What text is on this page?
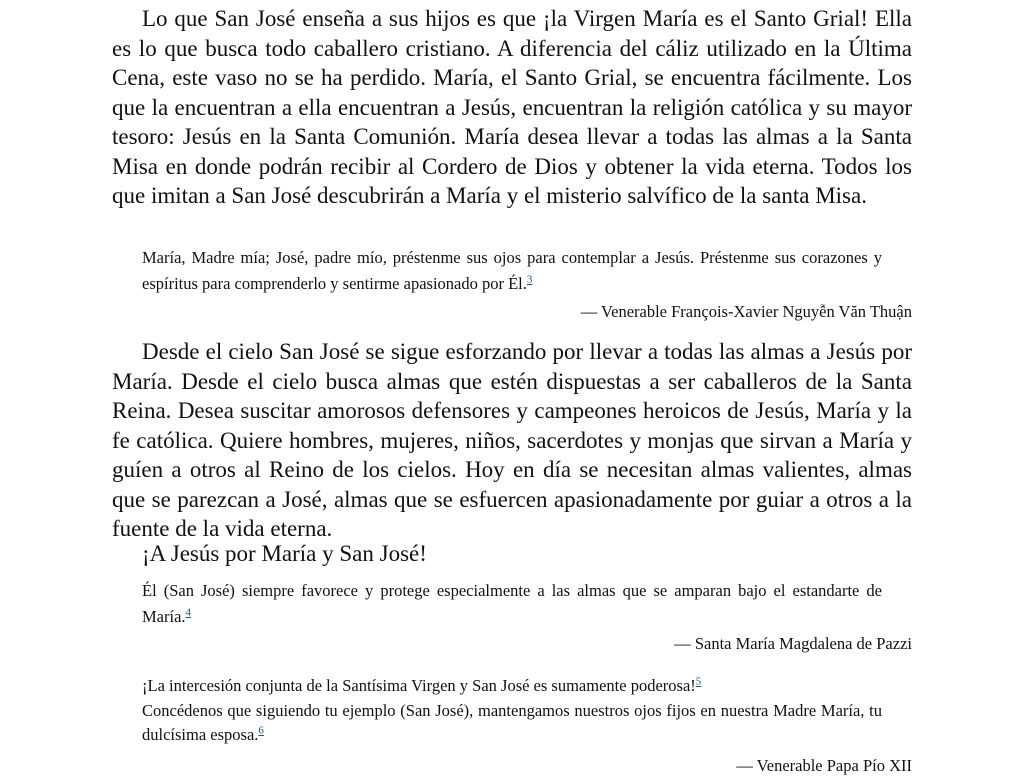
Lo que San José enseña a sus hijos es que ¡la Virgen María es el Santo Grial! Ella es lo que busca todo caballero cristiano. A diferencia del cáliz utilizado en la Última Cena, este vaso no se ha perdido. María, el Santo Grial, se encuentra fácilmente. Los que la encuentran a ella encuentran a Jesús, encuentran la religión católica y su mayor tesoro: Jesús en la Santa Comunión. María desea llevar a todas las almas a la Santa Misa en donde podrán recibir al Cordero de Dios y obtener la vida eterna. Todos los que imitan a San José descubrirán a María y el misterio salvífico de la santa Misa.

María, Madre mía; José, padre mío, préstenme sus ojos para contemplar a Jesús. Préstenme sus corazones y espíritus para comprenderlo y sentirme apasionado por Él.$^3$

— Venerable François-Xavier Nguyễn Văn Thuận

Desde el cielo San José se sigue esforzando por llevar a todas las almas a Jesús por María. Desde el cielo busca almas que estén dispuestas a ser caballeros de la Santa Reina. Desea suscitar amorosos defensores y campeones heroicos de Jesús, María y la fe católica. Quiere hombres, mujeres, niños, sacerdotes y monjas que sirvan a María y guíen a otros al Reino de los cielos. Hoy en día se necesitan almas valientes, almas que se parezcan a José, almas que se esfuercen apasionadamente por guiar a otros a la fuente de la vida eterna.

¡A Jesús por María y San José!

Él (San José) siempre favorece y protege especialmente a las almas que se amparan bajo el estandarte de María.$^4$

— Santa María Magdalena de Pazzi

¡La intercesión conjunta de la Santísima Virgen y San José es sumamente poderosa!$^5$

Concédenos que siguiendo tu ejemplo (San José), mantengamos nuestros ojos fijos en nuestra Madre María, tu dulcísima esposa.$^6$

— Venerable Papa Pío XII
